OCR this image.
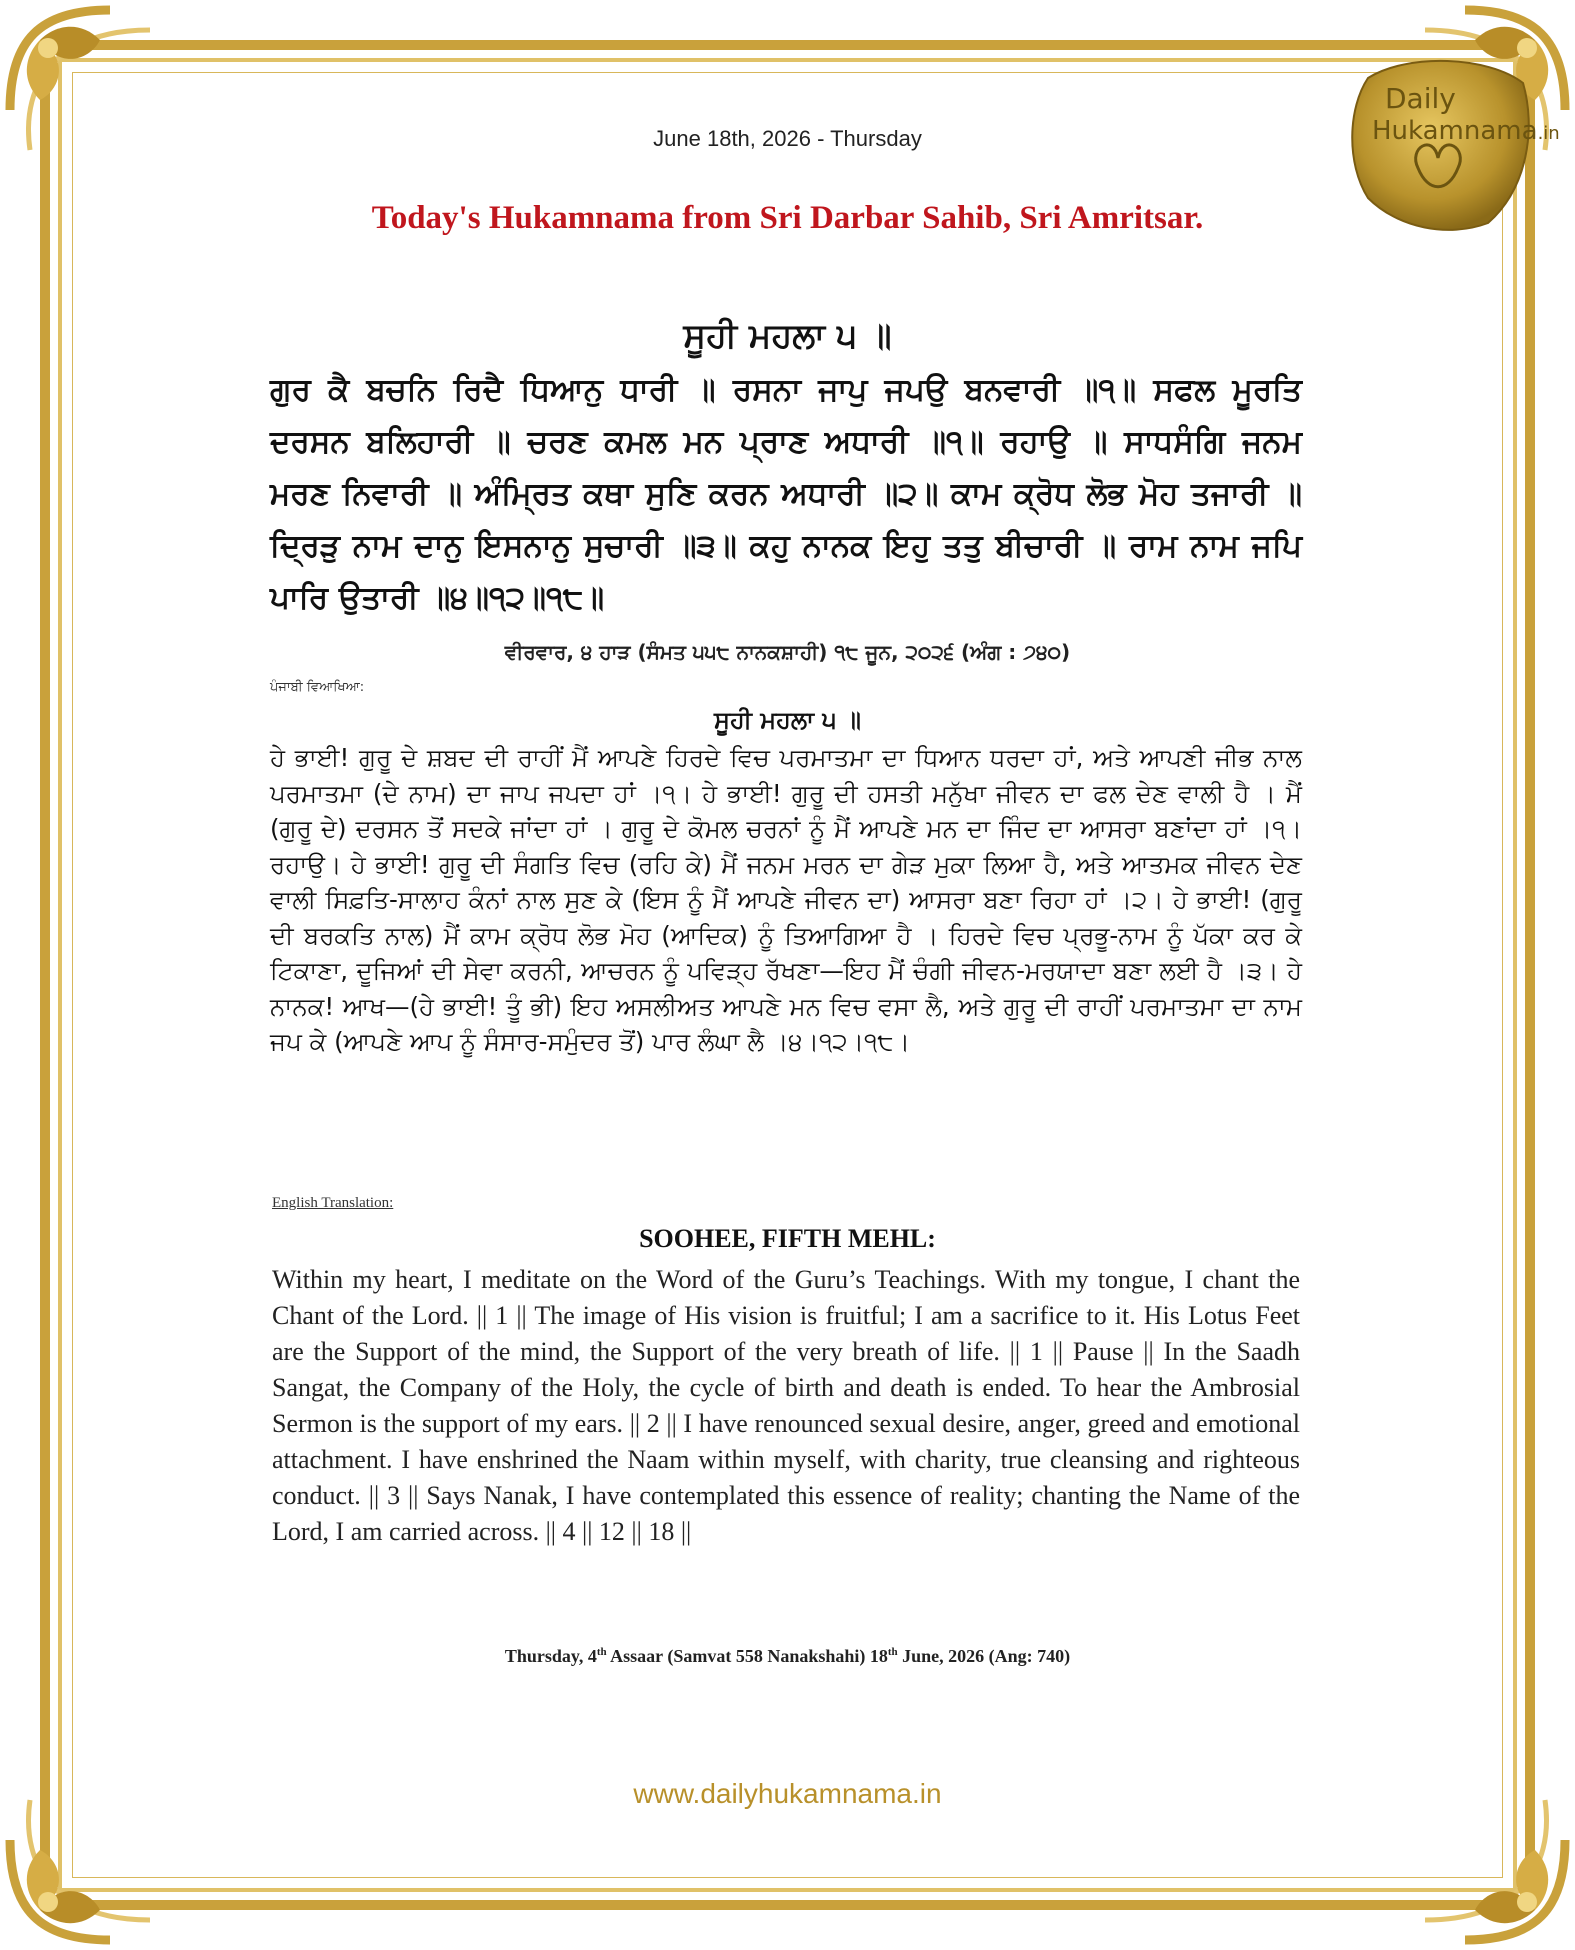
Daily
Hukamnama.in
June 18th, 2026 - Thursday
Today's Hukamnama from Sri Darbar Sahib, Sri Amritsar.
ਸੂਹੀ ਮਹਲਾ ੫ ॥
ਗੁਰ ਕੈ ਬਚਨਿ ਰਿਦੈ ਧਿਆਨੁ ਧਾਰੀ ॥ ਰਸਨਾ ਜਾਪੁ ਜਪਉ ਬਨਵਾਰੀ ॥੧॥ ਸਫਲ ਮੂਰਤਿ ਦਰਸਨ ਬਲਿਹਾਰੀ ॥ ਚਰਣ ਕਮਲ ਮਨ ਪ੍ਰਾਣ ਅਧਾਰੀ ॥੧॥ ਰਹਾਉ ॥ ਸਾਧਸੰਗਿ ਜਨਮ ਮਰਣ ਨਿਵਾਰੀ ॥ ਅੰਮ੍ਰਿਤ ਕਥਾ ਸੁਣਿ ਕਰਨ ਅਧਾਰੀ ॥੨॥ ਕਾਮ ਕ੍ਰੋਧ ਲੋਭ ਮੋਹ ਤਜਾਰੀ ॥ ਦ੍ਰਿੜੁ ਨਾਮ ਦਾਨੁ ਇਸਨਾਨੁ ਸੁਚਾਰੀ ॥੩॥ ਕਹੁ ਨਾਨਕ ਇਹੁ ਤਤੁ ਬੀਚਾਰੀ ॥ ਰਾਮ ਨਾਮ ਜਪਿ ਪਾਰਿ ਉਤਾਰੀ ॥੪॥੧੨॥੧੮॥
ਵੀਰਵਾਰ, ੪ ਹਾੜ (ਸੰਮਤ ੫੫੮ ਨਾਨਕਸ਼ਾਹੀ) ੧੮ ਜੂਨ, ੨੦੨੬ (ਅੰਗ : ੭੪੦)
ਪੰਜਾਬੀ ਵਿਆਖਿਆ:
ਸੂਹੀ ਮਹਲਾ ੫ ॥
ਹੇ ਭਾਈ! ਗੁਰੂ ਦੇ ਸ਼ਬਦ ਦੀ ਰਾਹੀਂ ਮੈਂ ਆਪਣੇ ਹਿਰਦੇ ਵਿਚ ਪਰਮਾਤਮਾ ਦਾ ਧਿਆਨ ਧਰਦਾ ਹਾਂ, ਅਤੇ ਆਪਣੀ ਜੀਭ ਨਾਲ ਪਰਮਾਤਮਾ (ਦੇ ਨਾਮ) ਦਾ ਜਾਪ ਜਪਦਾ ਹਾਂ ।੧। ਹੇ ਭਾਈ! ਗੁਰੂ ਦੀ ਹਸਤੀ ਮਨੁੱਖਾ ਜੀਵਨ ਦਾ ਫਲ ਦੇਣ ਵਾਲੀ ਹੈ । ਮੈਂ (ਗੁਰੂ ਦੇ) ਦਰਸਨ ਤੋਂ ਸਦਕੇ ਜਾਂਦਾ ਹਾਂ । ਗੁਰੂ ਦੇ ਕੋਮਲ ਚਰਨਾਂ ਨੂੰ ਮੈਂ ਆਪਣੇ ਮਨ ਦਾ ਜਿੰਦ ਦਾ ਆਸਰਾ ਬਣਾਂਦਾ ਹਾਂ ।੧।ਰਹਾਉ। ਹੇ ਭਾਈ! ਗੁਰੂ ਦੀ ਸੰਗਤਿ ਵਿਚ (ਰਹਿ ਕੇ) ਮੈਂ ਜਨਮ ਮਰਨ ਦਾ ਗੇੜ ਮੁਕਾ ਲਿਆ ਹੈ, ਅਤੇ ਆਤਮਕ ਜੀਵਨ ਦੇਣ ਵਾਲੀ ਸਿਫ਼ਤਿ-ਸਾਲਾਹ ਕੰਨਾਂ ਨਾਲ ਸੁਣ ਕੇ (ਇਸ ਨੂੰ ਮੈਂ ਆਪਣੇ ਜੀਵਨ ਦਾ) ਆਸਰਾ ਬਣਾ ਰਿਹਾ ਹਾਂ ।੨। ਹੇ ਭਾਈ! (ਗੁਰੂ ਦੀ ਬਰਕਤਿ ਨਾਲ) ਮੈਂ ਕਾਮ ਕ੍ਰੋਧ ਲੋਭ ਮੋਹ (ਆਦਿਕ) ਨੂੰ ਤਿਆਗਿਆ ਹੈ । ਹਿਰਦੇ ਵਿਚ ਪ੍ਰਭੂ-ਨਾਮ ਨੂੰ ਪੱਕਾ ਕਰ ਕੇ ਟਿਕਾਣਾ, ਦੂਜਿਆਂ ਦੀ ਸੇਵਾ ਕਰਨੀ, ਆਚਰਨ ਨੂੰ ਪਵਿੜ੍ਹ ਰੱਖਣਾ—ਇਹ ਮੈਂ ਚੰਗੀ ਜੀਵਨ-ਮਰਯਾਦਾ ਬਣਾ ਲਈ ਹੈ ।੩। ਹੇ ਨਾਨਕ! ਆਖ—(ਹੇ ਭਾਈ! ਤੂੰ ਭੀ) ਇਹ ਅਸਲੀਅਤ ਆਪਣੇ ਮਨ ਵਿਚ ਵਸਾ ਲੈ, ਅਤੇ ਗੁਰੂ ਦੀ ਰਾਹੀਂ ਪਰਮਾਤਮਾ ਦਾ ਨਾਮ ਜਪ ਕੇ (ਆਪਣੇ ਆਪ ਨੂੰ ਸੰਸਾਰ-ਸਮੁੰਦਰ ਤੋਂ) ਪਾਰ ਲੰਘਾ ਲੈ ।੪।੧੨।੧੮।
English Translation:
SOOHEE, FIFTH MEHL:
Within my heart, I meditate on the Word of the Guru’s Teachings. With my tongue, I chant the Chant of the Lord. || 1 || The image of His vision is fruitful; I am a sacrifice to it. His Lotus Feet are the Support of the mind, the Support of the very breath of life. || 1 || Pause || In the Saadh Sangat, the Company of the Holy, the cycle of birth and death is ended. To hear the Ambrosial Sermon is the support of my ears. || 2 || I have renounced sexual desire, anger, greed and emotional attachment. I have enshrined the Naam within myself, with charity, true cleansing and righteous conduct. || 3 || Says Nanak, I have contemplated this essence of reality; chanting the Name of the Lord, I am carried across. || 4 || 12 || 18 ||
Thursday, 4th Assaar (Samvat 558 Nanakshahi) 18th June, 2026 (Ang: 740)
www.dailyhukamnama.in
